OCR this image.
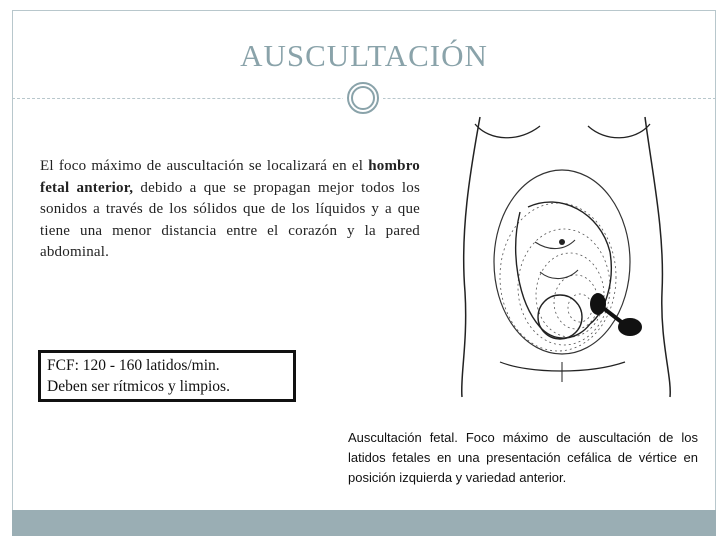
AUSCULTACIÓN
El foco máximo de auscultación se localizará en el hombro fetal anterior, debido a que se propagan mejor todos los sonidos a través de los sólidos que de los líquidos y a que tiene una menor distancia entre el corazón y la pared abdominal.
FCF: 120 - 160 latidos/min.
Deben ser rítmicos y limpios.
Auscultación fetal. Foco máximo de auscultación de los latidos fetales en una presentación cefálica de vértice en posición izquierda y variedad anterior.
